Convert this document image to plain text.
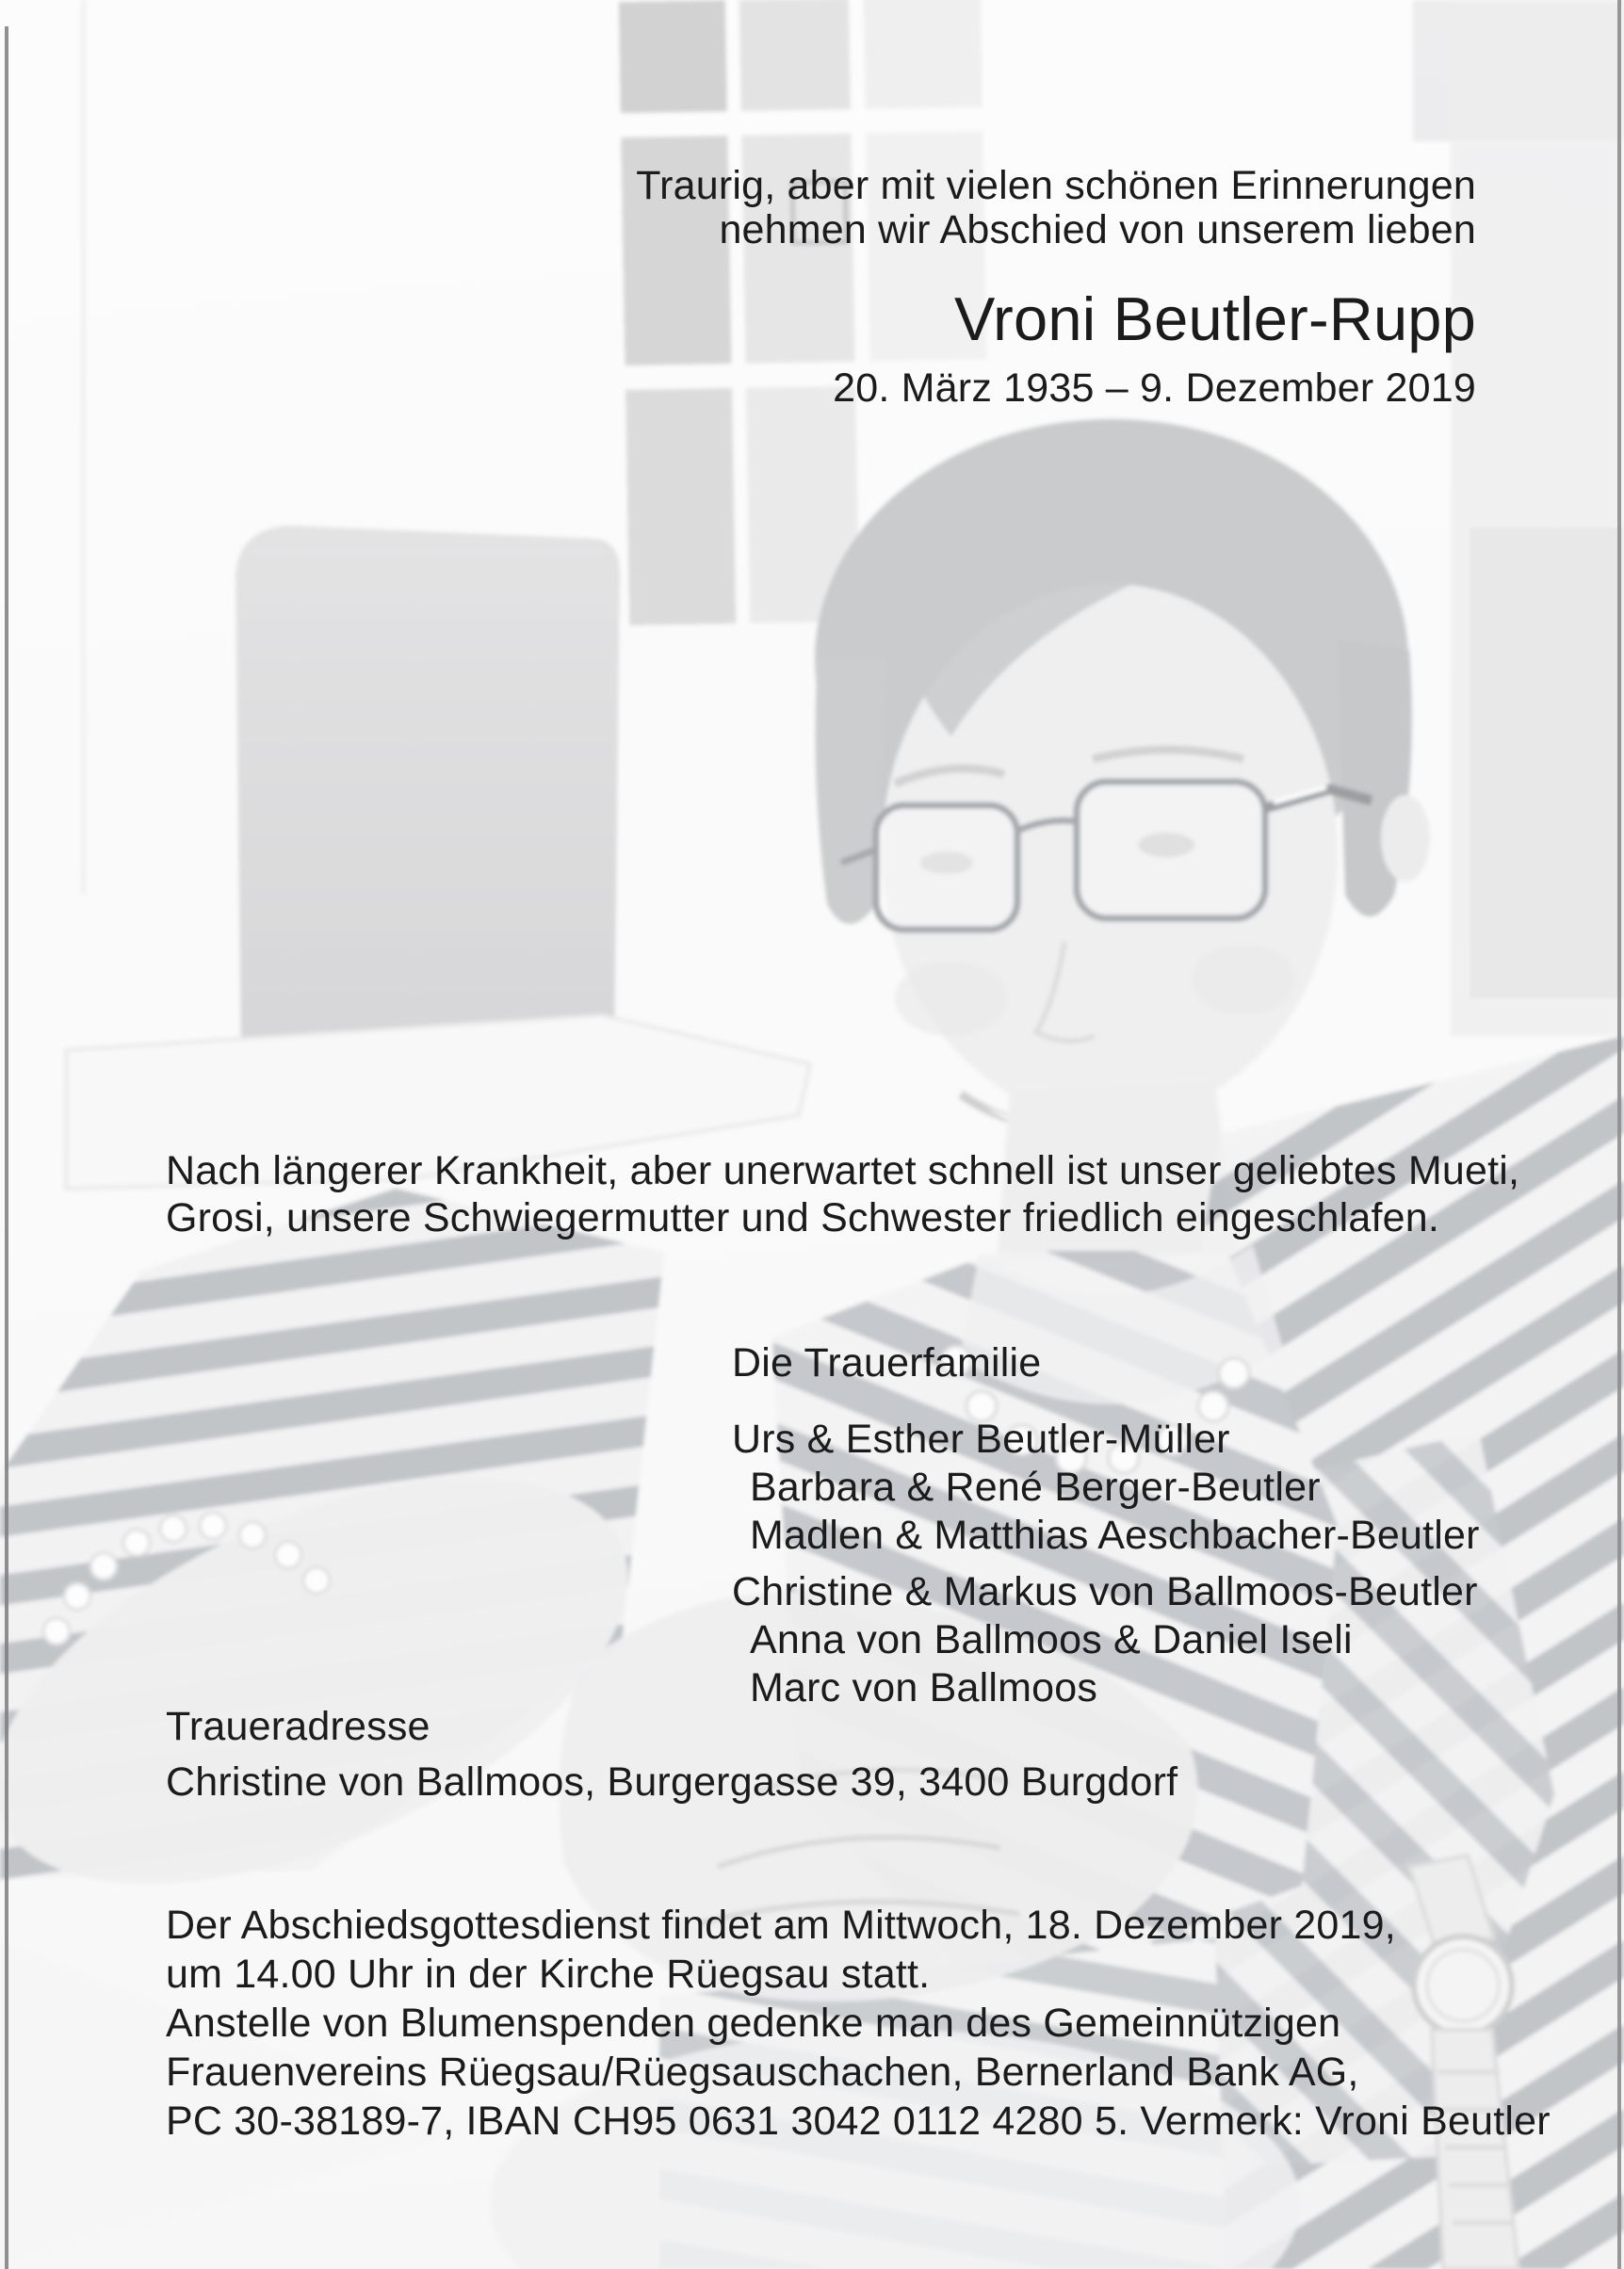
Traurig, aber mit vielen schönen Erinnerungen
nehmen wir Abschied von unserem lieben
Vroni Beutler-Rupp
20. März 1935 – 9. Dezember 2019
Nach längerer Krankheit, aber unerwartet schnell ist unser geliebtes Mueti,
Grosi, unsere Schwiegermutter und Schwester friedlich eingeschlafen.
Die Trauerfamilie
Urs & Esther Beutler-Müller
Barbara & René Berger-Beutler
Madlen & Matthias Aeschbacher-Beutler
Christine & Markus von Ballmoos-Beutler
Anna von Ballmoos & Daniel Iseli
Marc von Ballmoos
Traueradresse
Christine von Ballmoos, Burgergasse 39, 3400 Burgdorf
Der Abschiedsgottesdienst findet am Mittwoch, 18. Dezember 2019,
um 14.00 Uhr in der Kirche Rüegsau statt.
Anstelle von Blumenspenden gedenke man des Gemeinnützigen
Frauenvereins Rüegsau/Rüegsauschachen, Bernerland Bank AG,
PC 30-38189-7, IBAN CH95 0631 3042 0112 4280 5. Vermerk: Vroni Beutler
